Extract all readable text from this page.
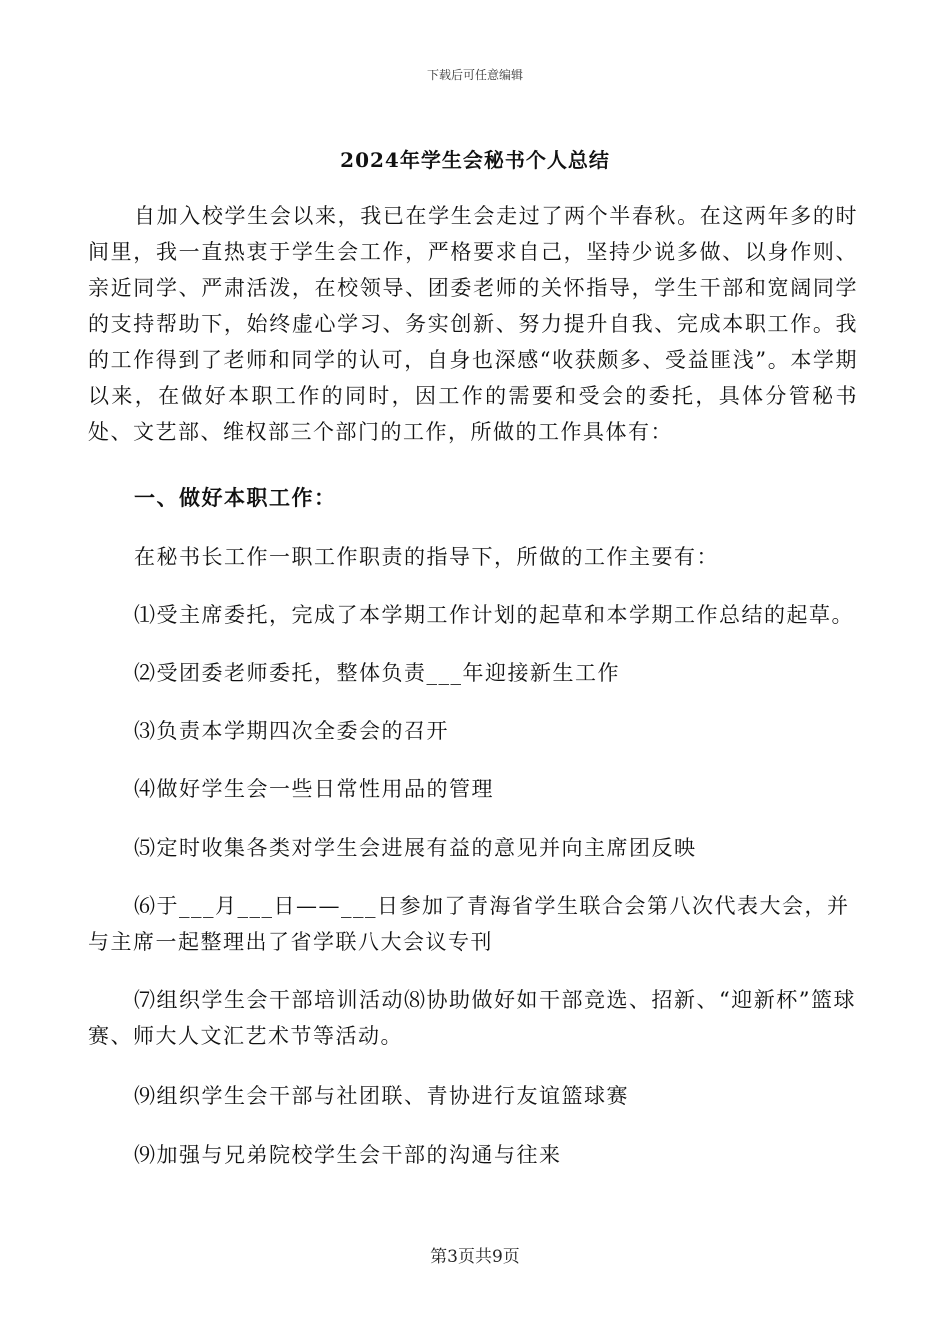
下载后可任意编辑
2024年学生会秘书个人总结

自加入校学生会以来，我已在学生会走过了两个半春秋。在这两年多的时间里，我一直热衷于学生会工作，严格要求自己，坚持少说多做、以身作则、亲近同学、严肃活泼，在校领导、团委老师的关怀指导，学生干部和宽阔同学的支持帮助下，始终虚心学习、务实创新、努力提升自我、完成本职工作。我的工作得到了老师和同学的认可，自身也深感“收获颇多、受益匪浅”。本学期以来，在做好本职工作的同时，因工作的需要和受会的委托，具体分管秘书处、文艺部、维权部三个部门的工作，所做的工作具体有：

一、做好本职工作：

在秘书长工作一职工作职责的指导下，所做的工作主要有：

⑴受主席委托，完成了本学期工作计划的起草和本学期工作总结的起草。

⑵受团委老师委托，整体负责___年迎接新生工作

⑶负责本学期四次全委会的召开

⑷做好学生会一些日常性用品的管理

⑸定时收集各类对学生会进展有益的意见并向主席团反映

⑹于___月___日——___日参加了青海省学生联合会第八次代表大会，并与主席一起整理出了省学联八大会议专刊

⑺组织学生会干部培训活动⑻协助做好如干部竞选、招新、“迎新杯”篮球赛、师大人文汇艺术节等活动。

⑼组织学生会干部与社团联、青协进行友谊篮球赛

⑼加强与兄弟院校学生会干部的沟通与往来

第3页共9页
